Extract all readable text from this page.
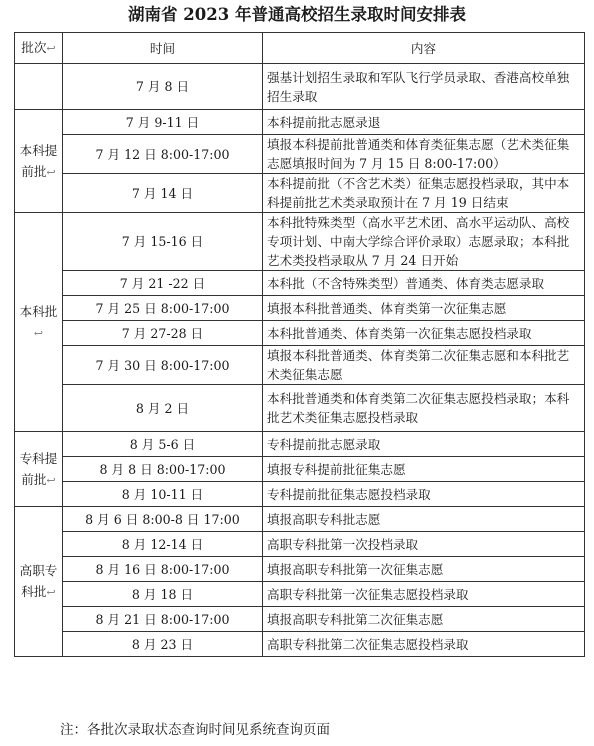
湖南省 2023 年普通高校招生录取时间安排表
批次↩	时间	内容
	7 月 8 日	强基计划招生录取和军队飞行学员录取、香港高校单独招生录取
本科提前批↩	7 月 9-11 日	本科提前批志愿录退
	7 月 12 日 8:00-17:00	填报本科提前批普通类和体育类征集志愿（艺术类征集志愿填报时间为 7 月 15 日 8:00-17:00）
	7 月 14 日	本科提前批（不含艺术类）征集志愿投档录取，其中本科提前批艺术类录取预计在 7 月 19 日结束
本科批↩	7 月 15-16 日	本科批特殊类型（高水平艺术团、高水平运动队、高校专项计划、中南大学综合评价录取）志愿录取；本科批艺术类投档录取从 7 月 24 日开始
	7 月 21 -22 日	本科批（不含特殊类型）普通类、体育类志愿录取
	7 月 25 日 8:00-17:00	填报本科批普通类、体育类第一次征集志愿
	7 月 27-28 日	本科批普通类、体育类第一次征集志愿投档录取
	7 月 30 日 8:00-17:00	填报本科批普通类、体育类第二次征集志愿和本科批艺术类征集志愿
	8 月 2 日	本科批普通类和体育类第二次征集志愿投档录取；本科批艺术类征集志愿投档录取
专科提前批↩	8 月 5-6 日	专科提前批志愿录取
	8 月 8 日 8:00-17:00	填报专科提前批征集志愿
	8 月 10-11 日	专科提前批征集志愿投档录取
高职专科批↩	8 月 6 日 8:00-8 日 17:00	填报高职专科批志愿
	8 月 12-14 日	高职专科批第一次投档录取
	8 月 16 日 8:00-17:00	填报高职专科批第一次征集志愿
	8 月 18 日	高职专科批第一次征集志愿投档录取
	8 月 21 日 8:00-17:00	填报高职专科批第二次征集志愿
	8 月 23 日	高职专科批第二次征集志愿投档录取
注：各批次录取状态查询时间见系统查询页面
